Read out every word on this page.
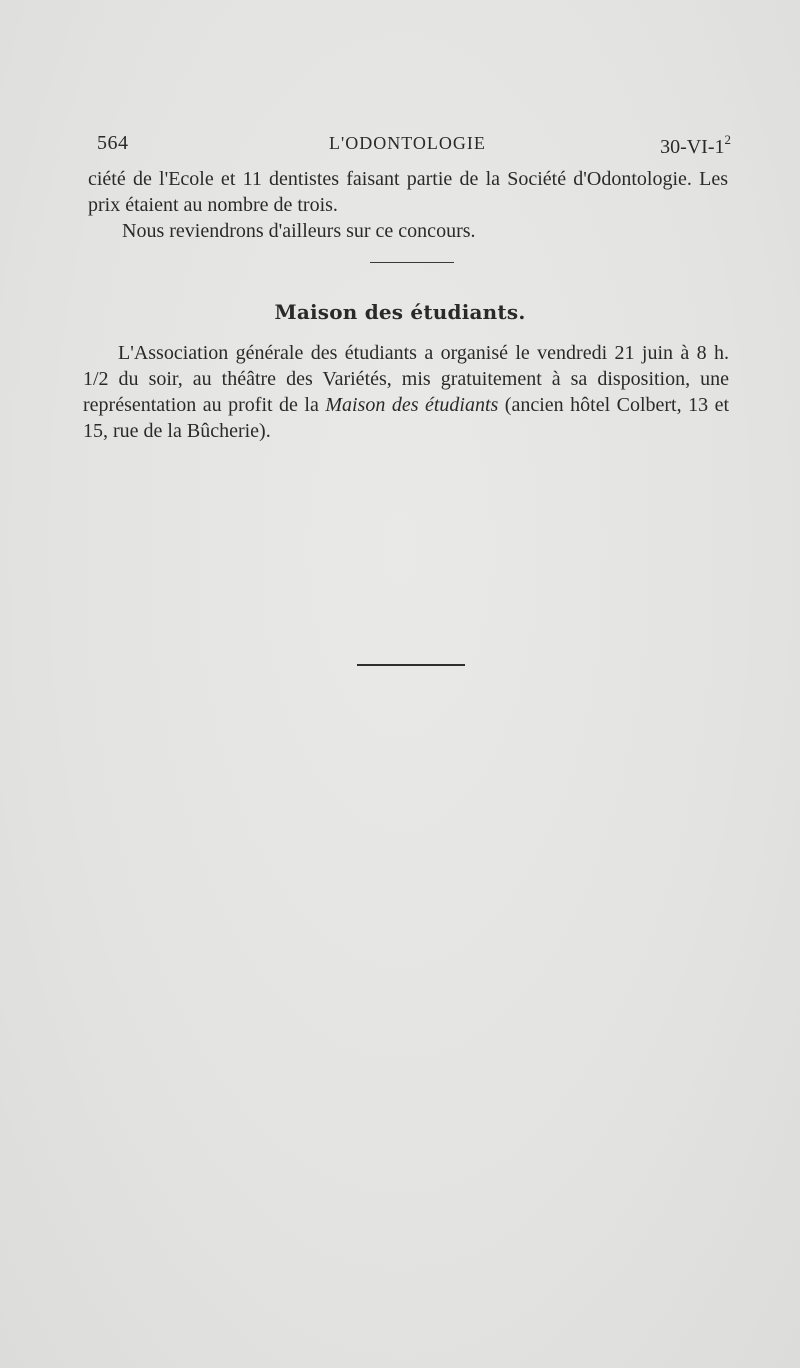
564	L'ODONTOLOGIE	$30-VI-1^2$

ciété de l'Ecole et 11 dentistes faisant partie de la Société d'Odontologie. Les prix étaient au nombre de trois.

Nous reviendrons d'ailleurs sur ce concours.

Maison des étudiants.

L'Association générale des étudiants a organisé le vendredi 21 juin à 8 h. 1/2 du soir, au théâtre des Variétés, mis gratuitement à sa disposition, une représentation au profit de la Maison des étudiants (ancien hôtel Colbert, 13 et 15, rue de la Bûcherie).
